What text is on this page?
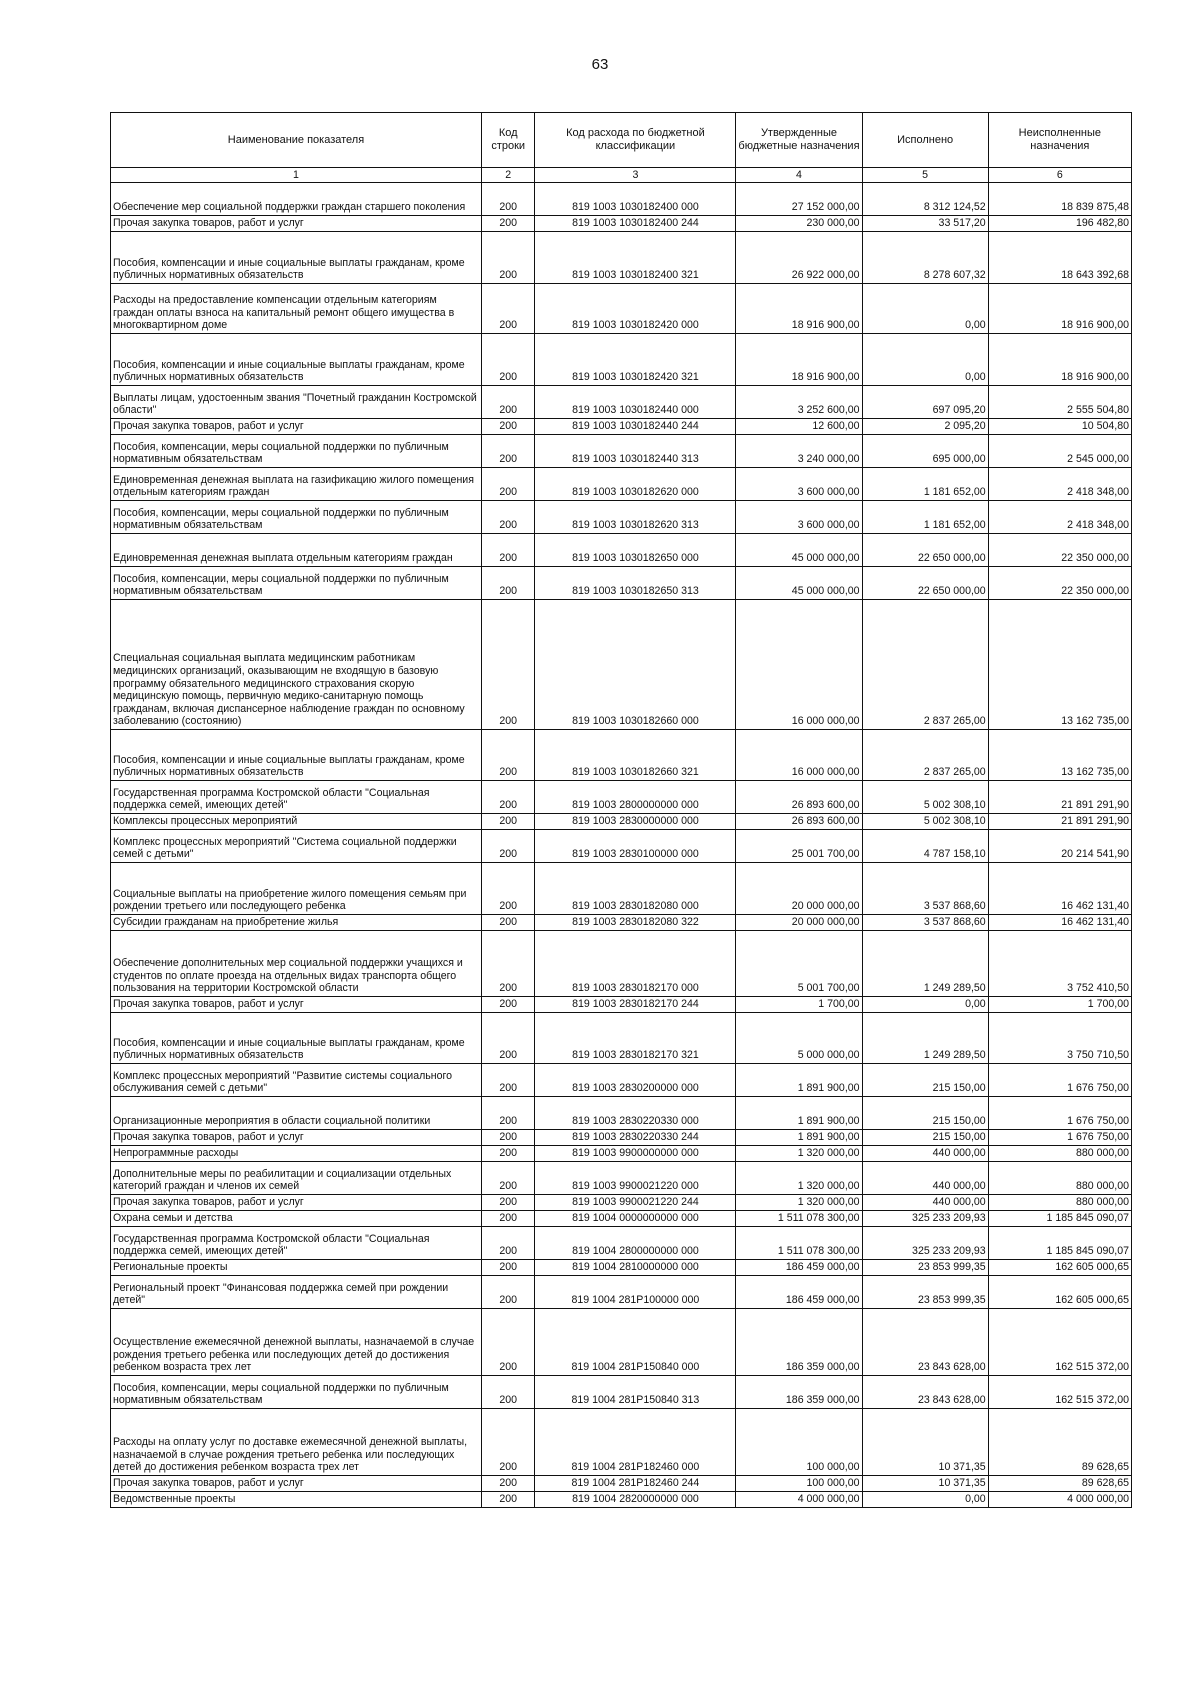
63
Наименование показателя	Код строки	Код расхода по бюджетной классификации	Утвержденные бюджетные назначения	Исполнено	Неисполненные назначения
1	2	3	4	5	6
Обеспечение мер социальной поддержки граждан старшего поколения	200	819 1003 1030182400 000	27 152 000,00	8 312 124,52	18 839 875,48
Прочая закупка товаров, работ и услуг	200	819 1003 1030182400 244	230 000,00	33 517,20	196 482,80
Пособия, компенсации и иные социальные выплаты гражданам, кроме публичных нормативных обязательств	200	819 1003 1030182400 321	26 922 000,00	8 278 607,32	18 643 392,68
Расходы на предоставление компенсации отдельным категориям граждан оплаты взноса на капитальный ремонт общего имущества в многоквартирном доме	200	819 1003 1030182420 000	18 916 900,00	0,00	18 916 900,00
Пособия, компенсации и иные социальные выплаты гражданам, кроме публичных нормативных обязательств	200	819 1003 1030182420 321	18 916 900,00	0,00	18 916 900,00
Выплаты лицам, удостоенным звания "Почетный гражданин Костромской области"	200	819 1003 1030182440 000	3 252 600,00	697 095,20	2 555 504,80
Прочая закупка товаров, работ и услуг	200	819 1003 1030182440 244	12 600,00	2 095,20	10 504,80
Пособия, компенсации, меры социальной поддержки по публичным нормативным обязательствам	200	819 1003 1030182440 313	3 240 000,00	695 000,00	2 545 000,00
Единовременная денежная выплата на газификацию жилого помещения отдельным категориям граждан	200	819 1003 1030182620 000	3 600 000,00	1 181 652,00	2 418 348,00
Пособия, компенсации, меры социальной поддержки по публичным нормативным обязательствам	200	819 1003 1030182620 313	3 600 000,00	1 181 652,00	2 418 348,00
Единовременная денежная выплата отдельным категориям граждан	200	819 1003 1030182650 000	45 000 000,00	22 650 000,00	22 350 000,00
Пособия, компенсации, меры социальной поддержки по публичным нормативным обязательствам	200	819 1003 1030182650 313	45 000 000,00	22 650 000,00	22 350 000,00
Специальная социальная выплата медицинским работникам медицинских организаций, оказывающим не входящую в базовую программу обязательного медицинского страхования скорую медицинскую помощь, первичную медико-санитарную помощь гражданам, включая диспансерное наблюдение граждан по основному заболеванию (состоянию)	200	819 1003 1030182660 000	16 000 000,00	2 837 265,00	13 162 735,00
Пособия, компенсации и иные социальные выплаты гражданам, кроме публичных нормативных обязательств	200	819 1003 1030182660 321	16 000 000,00	2 837 265,00	13 162 735,00
Государственная программа Костромской области "Социальная поддержка семей, имеющих детей"	200	819 1003 2800000000 000	26 893 600,00	5 002 308,10	21 891 291,90
Комплексы процессных мероприятий	200	819 1003 2830000000 000	26 893 600,00	5 002 308,10	21 891 291,90
Комплекс процессных мероприятий "Система социальной поддержки семей с детьми"	200	819 1003 2830100000 000	25 001 700,00	4 787 158,10	20 214 541,90
Социальные выплаты на приобретение жилого помещения семьям при рождении третьего или последующего ребенка	200	819 1003 2830182080 000	20 000 000,00	3 537 868,60	16 462 131,40
Субсидии гражданам на приобретение жилья	200	819 1003 2830182080 322	20 000 000,00	3 537 868,60	16 462 131,40
Обеспечение дополнительных мер социальной поддержки учащихся и студентов по оплате проезда на отдельных видах транспорта общего пользования на территории Костромской области	200	819 1003 2830182170 000	5 001 700,00	1 249 289,50	3 752 410,50
Прочая закупка товаров, работ и услуг	200	819 1003 2830182170 244	1 700,00	0,00	1 700,00
Пособия, компенсации и иные социальные выплаты гражданам, кроме публичных нормативных обязательств	200	819 1003 2830182170 321	5 000 000,00	1 249 289,50	3 750 710,50
Комплекс процессных мероприятий "Развитие системы социального обслуживания семей с детьми"	200	819 1003 2830200000 000	1 891 900,00	215 150,00	1 676 750,00
Организационные мероприятия в области социальной политики	200	819 1003 2830220330 000	1 891 900,00	215 150,00	1 676 750,00
Прочая закупка товаров, работ и услуг	200	819 1003 2830220330 244	1 891 900,00	215 150,00	1 676 750,00
Непрограммные расходы	200	819 1003 9900000000 000	1 320 000,00	440 000,00	880 000,00
Дополнительные меры по реабилитации и социализации отдельных категорий граждан и членов их семей	200	819 1003 9900021220 000	1 320 000,00	440 000,00	880 000,00
Прочая закупка товаров, работ и услуг	200	819 1003 9900021220 244	1 320 000,00	440 000,00	880 000,00
Охрана семьи и детства	200	819 1004 0000000000 000	1 511 078 300,00	325 233 209,93	1 185 845 090,07
Государственная программа Костромской области "Социальная поддержка семей, имеющих детей"	200	819 1004 2800000000 000	1 511 078 300,00	325 233 209,93	1 185 845 090,07
Региональные проекты	200	819 1004 2810000000 000	186 459 000,00	23 853 999,35	162 605 000,65
Региональный проект "Финансовая поддержка семей при рождении детей"	200	819 1004 281P100000 000	186 459 000,00	23 853 999,35	162 605 000,65
Осуществление ежемесячной денежной выплаты, назначаемой в случае рождения третьего ребенка или последующих детей до достижения ребенком возраста трех лет	200	819 1004 281P150840 000	186 359 000,00	23 843 628,00	162 515 372,00
Пособия, компенсации, меры социальной поддержки по публичным нормативным обязательствам	200	819 1004 281P150840 313	186 359 000,00	23 843 628,00	162 515 372,00
Расходы на оплату услуг по доставке ежемесячной денежной выплаты, назначаемой в случае рождения третьего ребенка или последующих детей до достижения ребенком возраста трех лет	200	819 1004 281P182460 000	100 000,00	10 371,35	89 628,65
Прочая закупка товаров, работ и услуг	200	819 1004 281P182460 244	100 000,00	10 371,35	89 628,65
Ведомственные проекты	200	819 1004 2820000000 000	4 000 000,00	0,00	4 000 000,00
